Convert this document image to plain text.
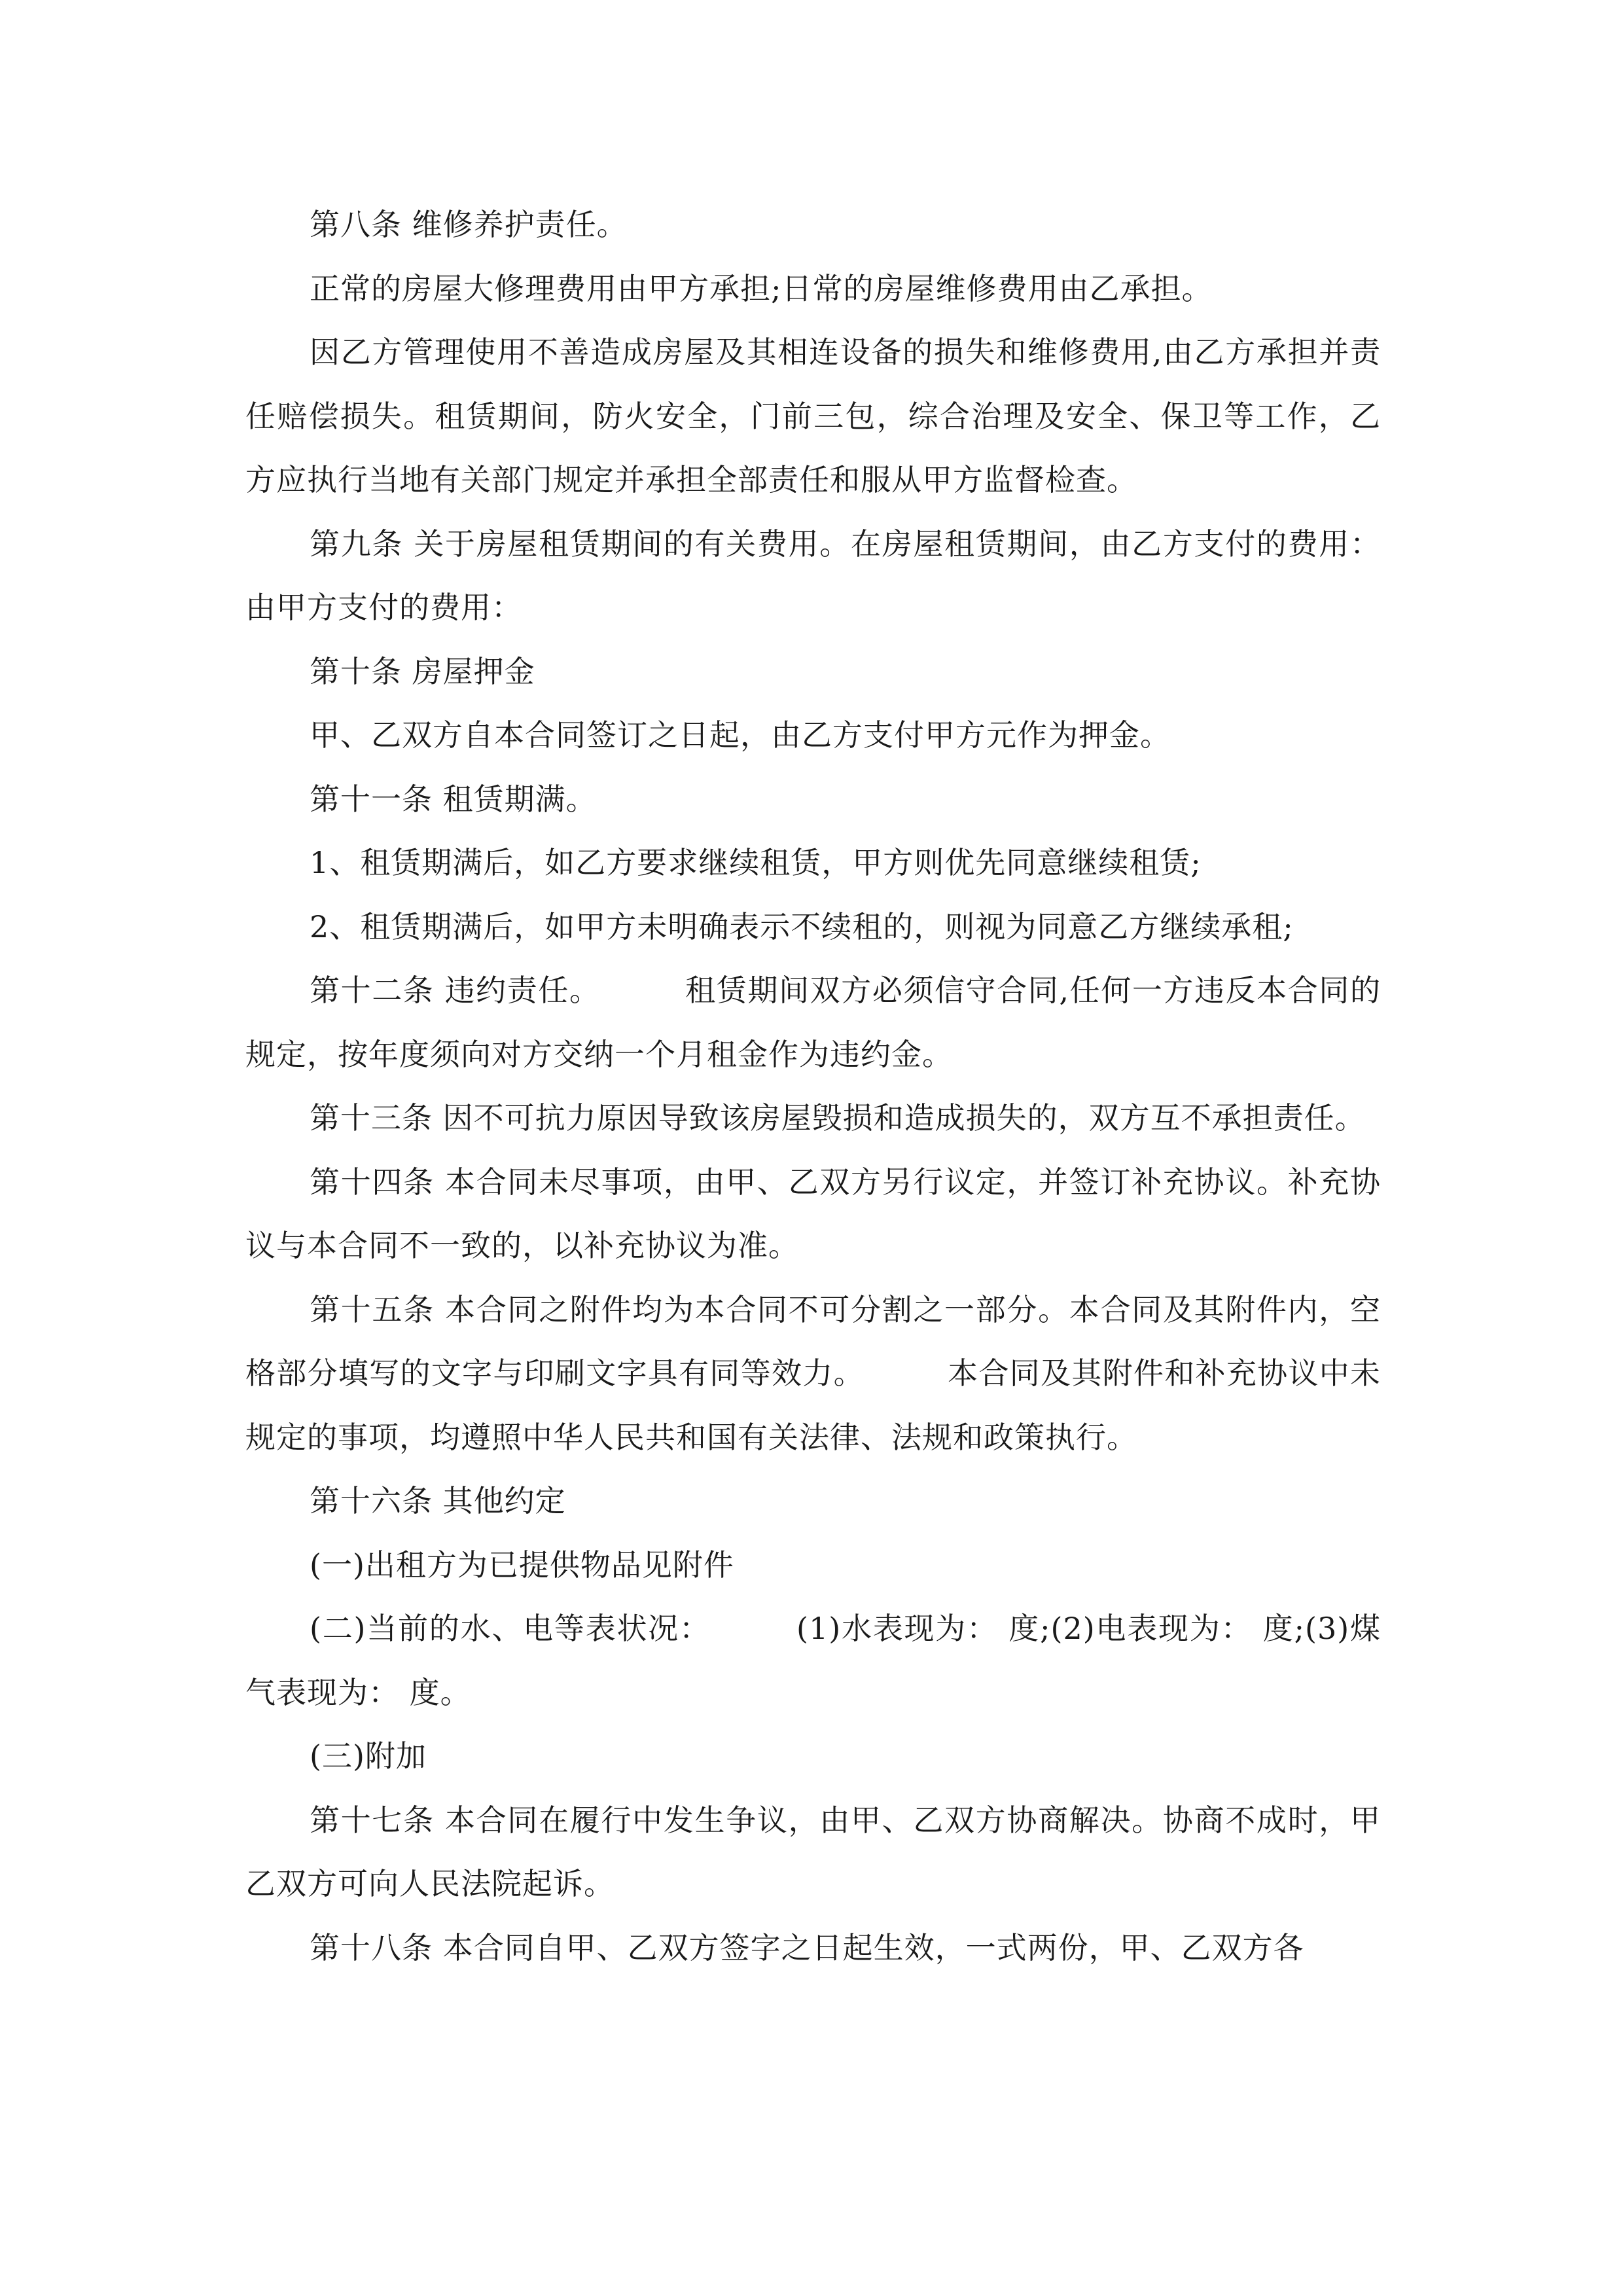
第八条 维修养护责任。

正常的房屋大修理费用由甲方承担;日常的房屋维修费用由乙承担。

因乙方管理使用不善造成房屋及其相连设备的损失和维修费用,由乙方承担并责任赔偿损失。租赁期间，防火安全，门前三包，综合治理及安全、保卫等工作，乙方应执行当地有关部门规定并承担全部责任和服从甲方监督检查。

第九条 关于房屋租赁期间的有关费用。在房屋租赁期间，由乙方支付的费用：由甲方支付的费用：

第十条 房屋押金

甲、乙双方自本合同签订之日起，由乙方支付甲方元作为押金。

第十一条 租赁期满。

1、租赁期满后，如乙方要求继续租赁，甲方则优先同意继续租赁;

2、租赁期满后，如甲方未明确表示不续租的，则视为同意乙方继续承租;

第十二条 违约责任。        租赁期间双方必须信守合同,任何一方违反本合同的规定，按年度须向对方交纳一个月租金作为违约金。

第十三条 因不可抗力原因导致该房屋毁损和造成损失的，双方互不承担责任。

第十四条 本合同未尽事项，由甲、乙双方另行议定，并签订补充协议。补充协议与本合同不一致的，以补充协议为准。

第十五条 本合同之附件均为本合同不可分割之一部分。本合同及其附件内，空格部分填写的文字与印刷文字具有同等效力。        本合同及其附件和补充协议中未规定的事项，均遵照中华人民共和国有关法律、法规和政策执行。

第十六条 其他约定

(一)出租方为已提供物品见附件

(二)当前的水、电等表状况：        (1)水表现为： 度;(2)电表现为： 度;(3)煤气表现为： 度。

(三)附加

第十七条 本合同在履行中发生争议，由甲、乙双方协商解决。协商不成时，甲 乙双方可向人民法院起诉。

第十八条 本合同自甲、乙双方签字之日起生效，一式两份，甲、乙双方各
